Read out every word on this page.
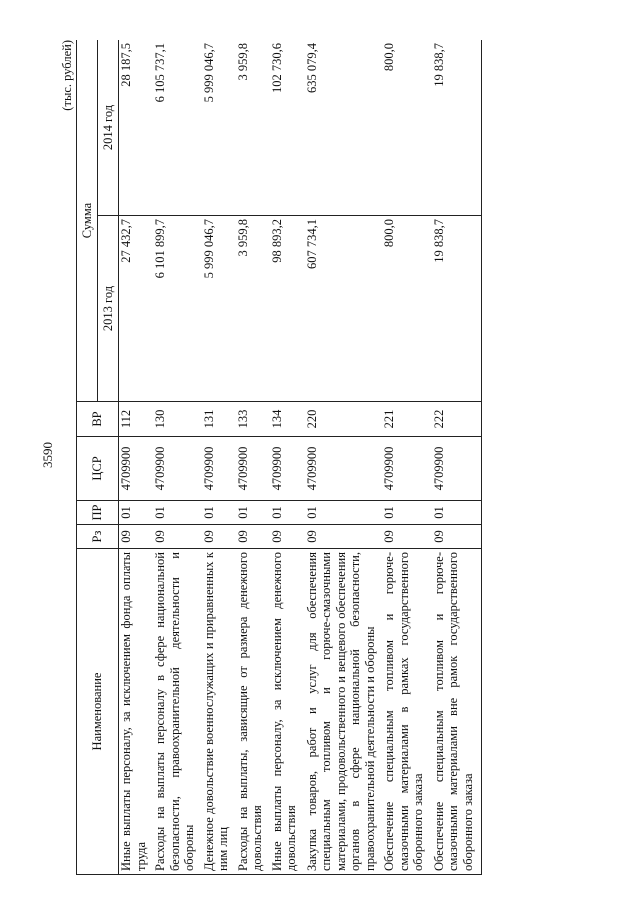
3590
(тыс. рублей)
Наименование	Рз	ПР	ЦСР	ВР	Сумма	
					2013 год	2014 год
Иные выплаты персоналу, за исключением фонда оплаты труда	09	01	4709900	112	27 432,7	28 187,5
Расходы на выплаты персоналу в сфере национальной безопасности, правоохранительной деятельности и обороны	09	01	4709900	130	6 101 899,7	6 105 737,1
Денежное довольствие военнослужащих и приравненных к ним лиц	09	01	4709900	131	5 999 046,7	5 999 046,7
Расходы на выплаты, зависящие от размера денежного довольствия	09	01	4709900	133	3 959,8	3 959,8
Иные выплаты персоналу, за исключением денежного довольствия	09	01	4709900	134	98 893,2	102 730,6
Закупка товаров, работ и услуг для обеспечения специальным топливом и горюче-смазочными материалами, продовольственного и вещевого обеспечения органов в сфере национальной безопасности, правоохранительной деятельности и обороны	09	01	4709900	220	607 734,1	635 079,4
Обеспечение специальным топливом и горюче-смазочными материалами в рамках государственного оборонного заказа	09	01	4709900	221	800,0	800,0
Обеспечение специальным топливом и горюче-смазочными материалами вне рамок государственного оборонного заказа	09	01	4709900	222	19 838,7	19 838,7
